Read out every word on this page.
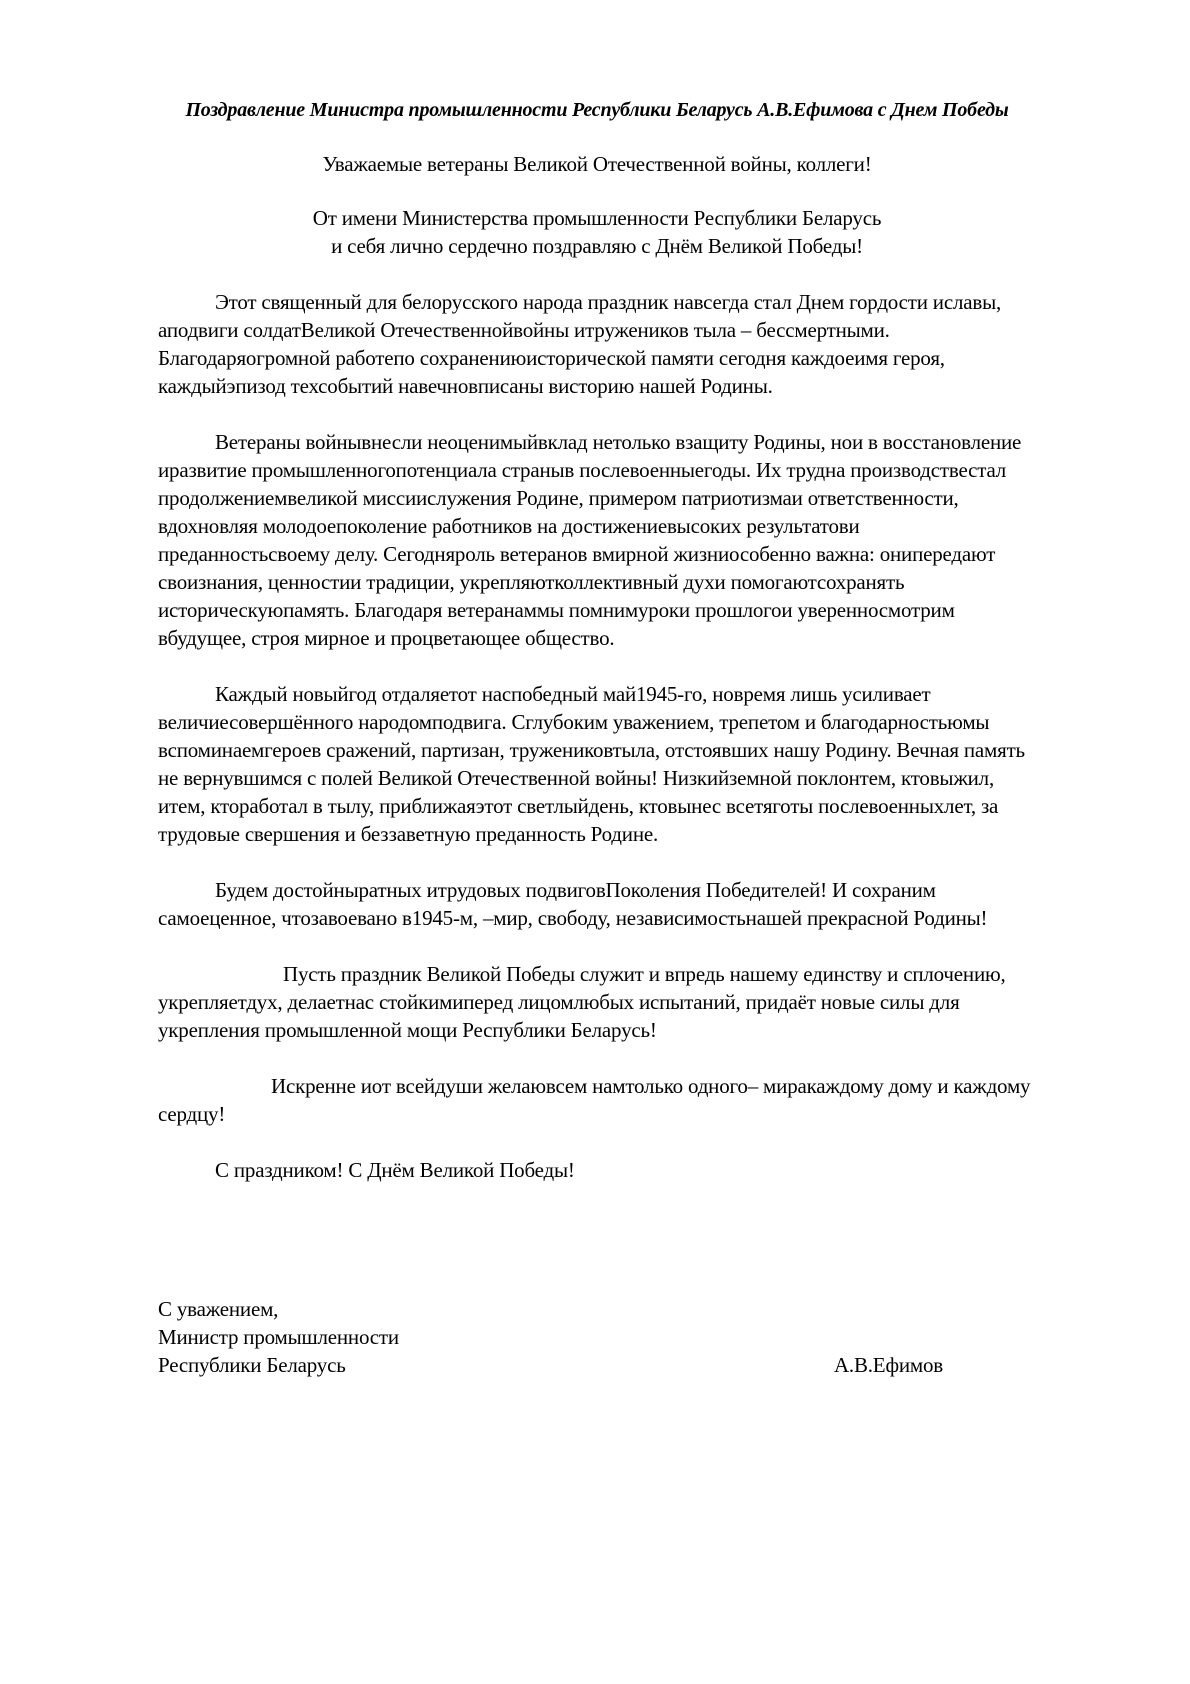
Поздравление Министра промышленности Республики Беларусь А.В.Ефимова с Днем Победы
Уважаемые ветераны Великой Отечественной войны, коллеги!
От имени Министерства промышленности Республики Беларусь
и себя лично сердечно поздравляю с Днём Великой Победы!

Этот священный для белорусского народа праздник навсегда стал Днем гордости иславы, аподвиги солдатВеликой Отечественнойвойны итружеников тыла – бессмертными. Благодаряогромной работепо сохранениюисторической памяти сегодня каждоеимя героя, каждыйэпизод техсобытий навечновписаны висторию нашей Родины.

Ветераны войнывнесли неоценимыйвклад нетолько взащиту Родины, нои в восстановление иразвитие промышленногопотенциала страныв послевоенныегоды. Их трудна производствестал продолжениемвеликой миссиислужения Родине, примером патриотизмаи ответственности, вдохновляя молодоепоколение работников на достижениевысоких результатови преданностьсвоему делу. Сегодняроль ветеранов вмирной жизниособенно важна: онипередают своизнания, ценностии традиции, укрепляютколлективный духи помогаютсохранять историческуюпамять. Благодаря ветеранаммы помнимуроки прошлогои уверенносмотрим вбудущее, строя мирное и процветающее общество.

Каждый новыйгод отдаляетот наспобедный май1945-го, новремя лишь усиливает величиесовершённого народомподвига. Сглубоким уважением, трепетом и благодарностьюмы вспоминаемгероев сражений, партизан, тружениковтыла, отстоявших нашу Родину. Вечная память не вернувшимся с полей Великой Отечественной войны! Низкийземной поклонтем, ктовыжил, итем, ктоработал в тылу, приближаяэтот светлыйдень, ктовынес всетяготы послевоенныхлет, за трудовые свершения и беззаветную преданность Родине.

Будем достойныратных итрудовых подвиговПоколения Победителей! И сохраним самоеценное, чтозавоевано в1945-м, –мир, свободу, независимостьнашей прекрасной Родины!

Пусть праздник Великой Победы служит и впредь нашему единству и сплочению, укрепляетдух, делаетнас стойкимиперед лицомлюбых испытаний, придаёт новые силы для укрепления промышленной мощи Республики Беларусь!

Искренне иот всейдуши желаювсем намтолько одного– миракаждому дому и каждому сердцу!

С праздником! С Днём Великой Победы!

С уважением,
Министр промышленности
Республики Беларусь	А.В.Ефимов
